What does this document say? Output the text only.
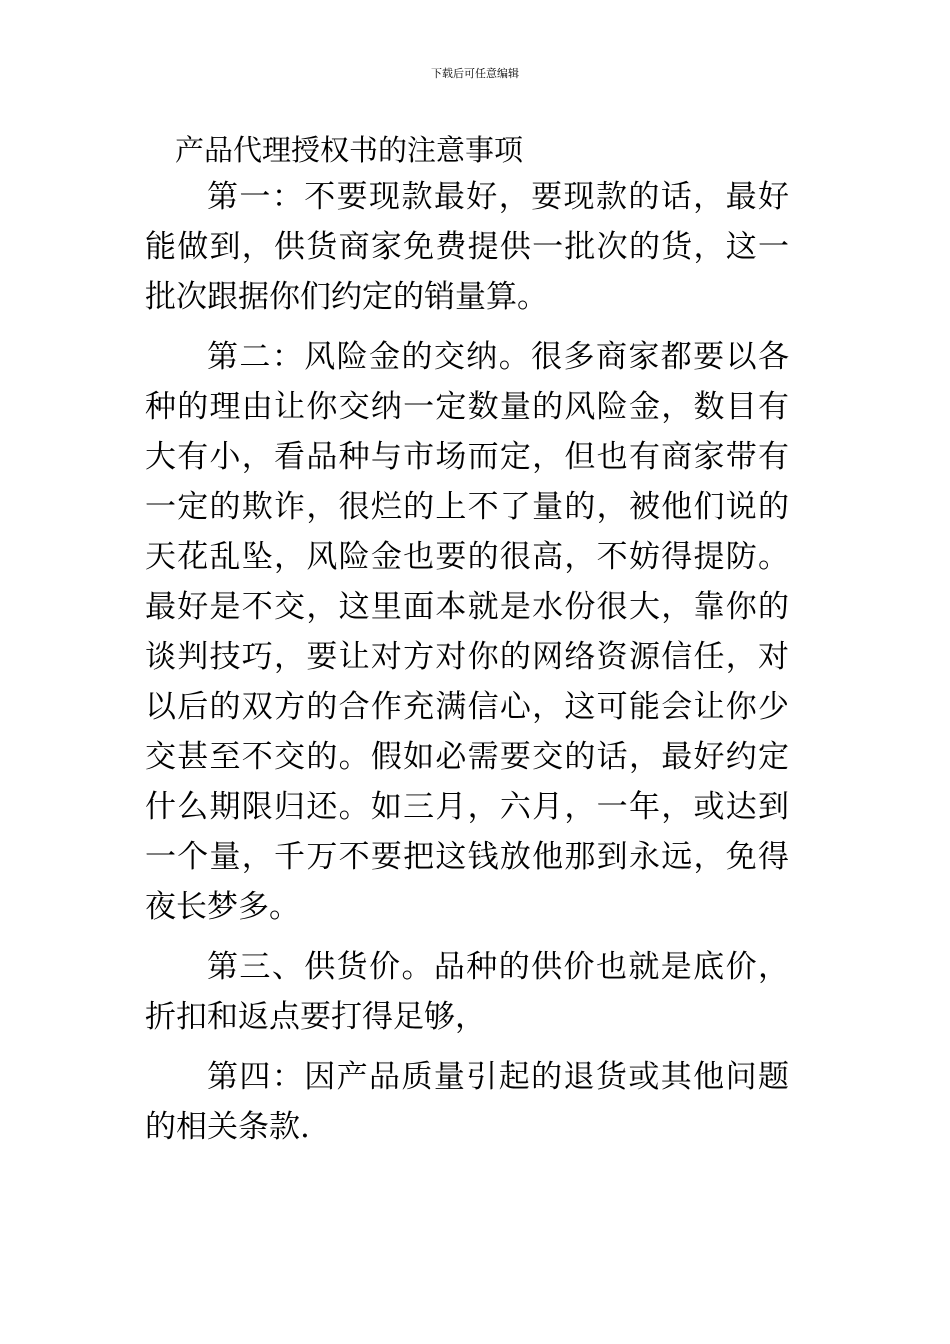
下载后可任意编辑
产品代理授权书的注意事项

第一：不要现款最好，要现款的话，最好能做到，供货商家免费提供一批次的货，这一批次跟据你们约定的销量算。

第二：风险金的交纳。很多商家都要以各种的理由让你交纳一定数量的风险金，数目有大有小，看品种与市场而定，但也有商家带有一定的欺诈，很烂的上不了量的，被他们说的天花乱坠，风险金也要的很高，不妨得提防。最好是不交，这里面本就是水份很大，靠你的谈判技巧，要让对方对你的网络资源信任，对以后的双方的合作充满信心，这可能会让你少交甚至不交的。假如必需要交的话，最好约定什么期限归还。如三月，六月，一年，或达到一个量，千万不要把这钱放他那到永远，免得夜长梦多。

第三、供货价。品种的供价也就是底价，折扣和返点要打得足够，

第四：因产品质量引起的退货或其他问题的相关条款.
